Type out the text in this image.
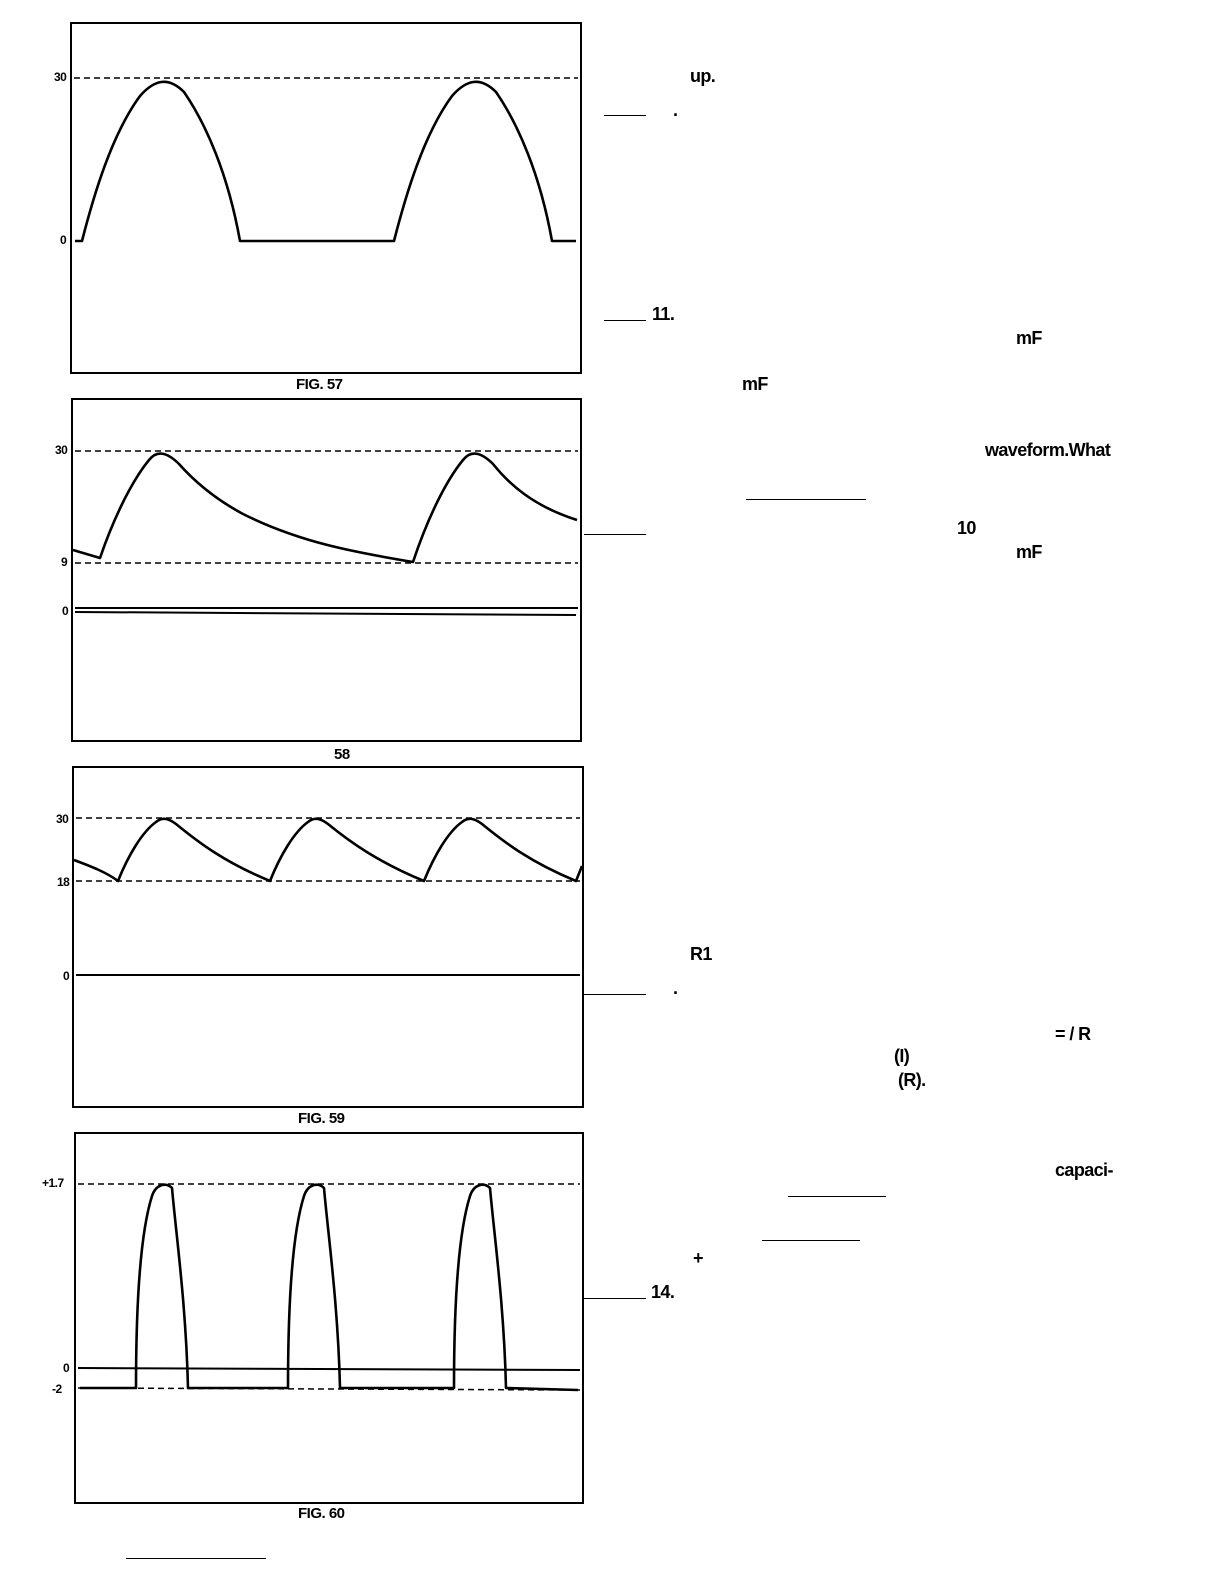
30
0
FIG. 57
30
9
0
58
30
18
0
FIG. 59
+1.7
0
-2
FIG. 60
up.
.
11.
mF
mF
waveform.What
10
mF
R1
.
= / R
(I)
(R).
capaci-
+
14.
